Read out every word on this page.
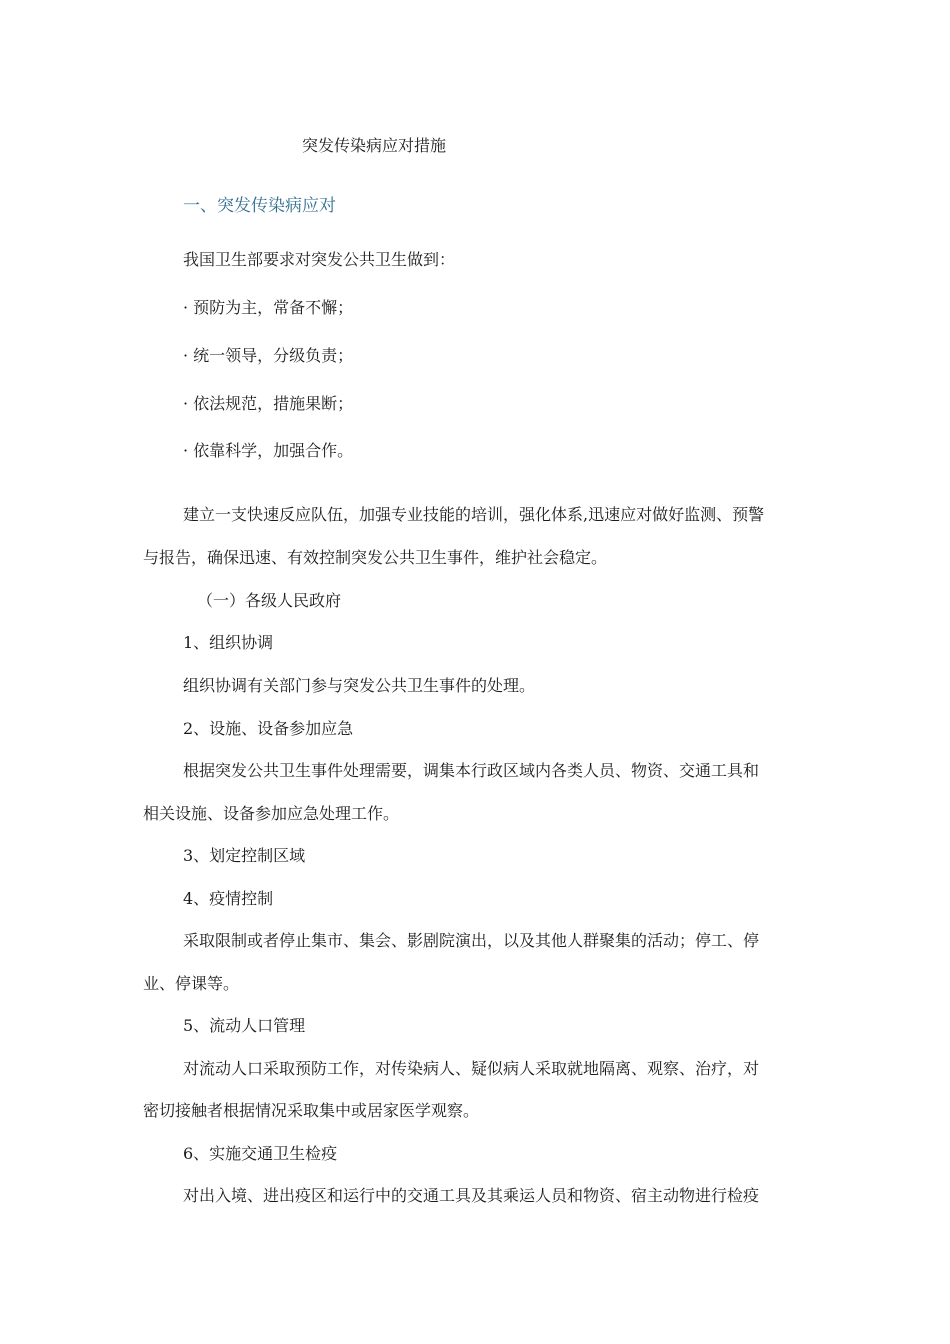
突发传染病应对措施
一、突发传染病应对
我国卫生部要求对突发公共卫生做到：
· 预防为主，常备不懈；
· 统一领导，分级负责；
· 依法规范，措施果断；
· 依靠科学，加强合作。
建立一支快速反应队伍，加强专业技能的培训，强化体系,迅速应对做好监测、预警
与报告，确保迅速、有效控制突发公共卫生事件，维护社会稳定。
（一）各级人民政府
1、组织协调
组织协调有关部门参与突发公共卫生事件的处理。
2、设施、设备参加应急
根据突发公共卫生事件处理需要，调集本行政区域内各类人员、物资、交通工具和
相关设施、设备参加应急处理工作。
3、划定控制区域
4、疫情控制
采取限制或者停止集市、集会、影剧院演出，以及其他人群聚集的活动；停工、停
业、停课等。
5、流动人口管理
对流动人口采取预防工作，对传染病人、疑似病人采取就地隔离、观察、治疗，对
密切接触者根据情况采取集中或居家医学观察。
6、实施交通卫生检疫
对出入境、进出疫区和运行中的交通工具及其乘运人员和物资、宿主动物进行检疫
